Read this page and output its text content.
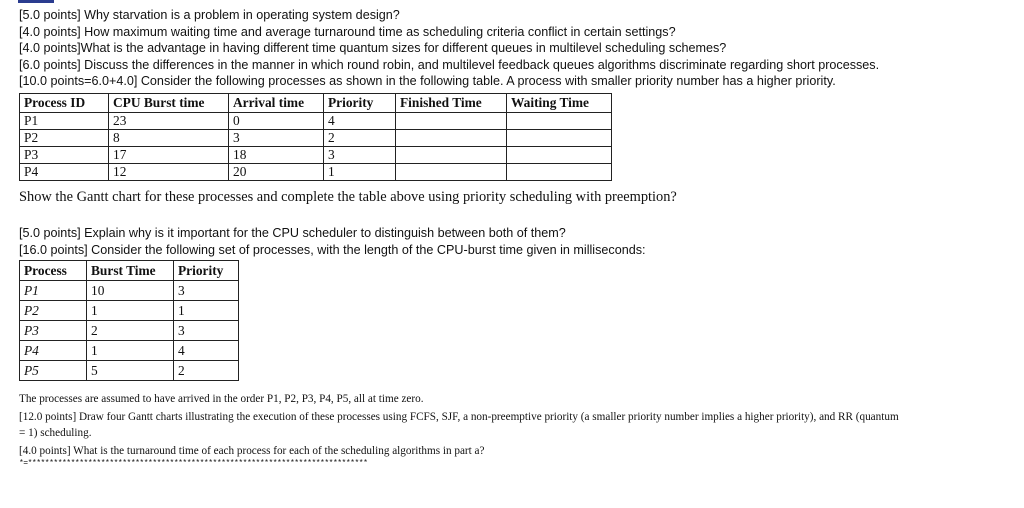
[5.0 points] Why starvation is a problem in operating system design?
[4.0 points] How maximum waiting time and average turnaround time as scheduling criteria conflict in certain settings?
[4.0 points]What is the advantage in having different time quantum sizes for different queues in multilevel scheduling schemes?
[6.0 points] Discuss the differences in the manner in which round robin, and multilevel feedback queues algorithms discriminate regarding short processes.
[10.0 points=6.0+4.0] Consider the following processes as shown in the following table. A process with smaller priority number has a higher priority.
Process ID	CPU Burst time	Arrival time	Priority	Finished Time	Waiting Time
P1	23	0	4		
P2	8	3	2		
P3	17	18	3		
P4	12	20	1		
Show the Gantt chart for these processes and complete the table above using priority scheduling with preemption?
[5.0 points] Explain why is it important for the CPU scheduler to distinguish between both of them?
[16.0 points] Consider the following set of processes, with the length of the CPU-burst time given in milliseconds:
Process	Burst Time	Priority
P1	10	3
P2	1	1
P3	2	3
P4	1	4
P5	5	2
The processes are assumed to have arrived in the order P1, P2, P3, P4, P5, all at time zero.
[12.0 points] Draw four Gantt charts illustrating the execution of these processes using FCFS, SJF, a non-preemptive priority (a smaller priority number implies a higher priority), and RR (quantum
= 1) scheduling.
[4.0 points] What is the turnaround time of each process for each of the scheduling algorithms in part a?
*=*******************************************************************************
